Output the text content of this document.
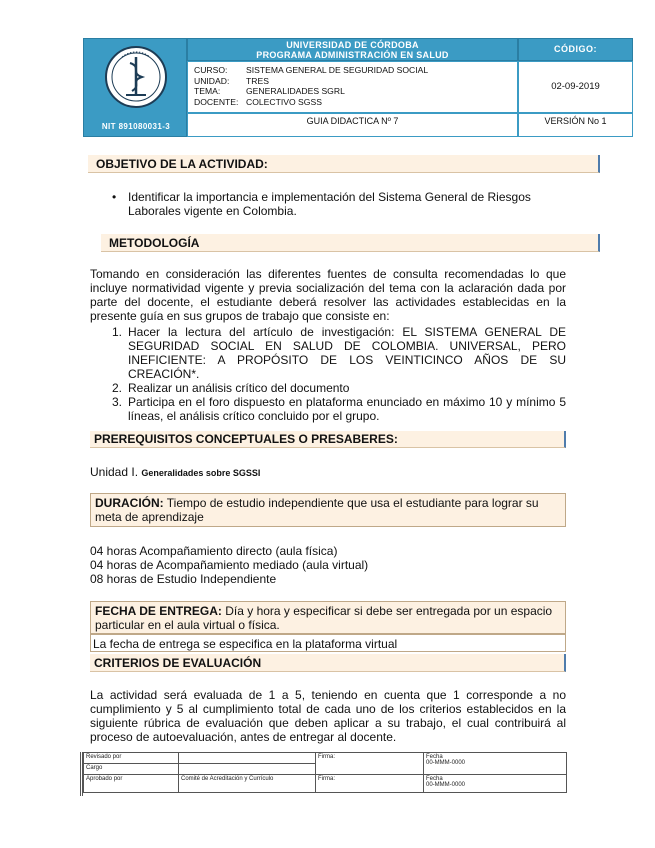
NIT 891080031-3
UNIVERSIDAD DE CÓRDOBA
PROGRAMA ADMINISTRACIÓN EN SALUD
CÓDIGO:
CURSO:	SISTEMA GENERAL DE SEGURIDAD SOCIAL
UNIDAD:	TRES
TEMA:	GENERALIDADES SGRL
DOCENTE: COLECTIVO SGSS
02-09-2019
GUIA DIDACTICA Nº 7	VERSIÓN No 1
OBJETIVO DE LA ACTIVIDAD:
• Identificar la importancia e implementación del Sistema General de Riesgos Laborales vigente en Colombia.
METODOLOGÍA
Tomando en consideración las diferentes fuentes de consulta recomendadas lo que incluye normatividad vigente y previa socialización del tema con la aclaración dada por parte del docente, el estudiante deberá resolver las actividades establecidas en la presente guía en sus grupos de trabajo que consiste en:
1. Hacer la lectura del artículo de investigación: EL SISTEMA GENERAL DE SEGURIDAD SOCIAL EN SALUD DE COLOMBIA. UNIVERSAL, PERO INEFICIENTE: A PROPÓSITO DE LOS VEINTICINCO AÑOS DE SU CREACIÓN*.
2. Realizar un análisis crítico del documento
3. Participa en el foro dispuesto en plataforma enunciado en máximo 10 y mínimo 5 líneas, el análisis crítico concluido por el grupo.
PREREQUISITOS CONCEPTUALES O PRESABERES:
Unidad I. Generalidades sobre SGSSI
DURACIÓN: Tiempo de estudio independiente que usa el estudiante para lograr su meta de aprendizaje
04 horas Acompañamiento directo (aula física)
04 horas de Acompañamiento mediado (aula virtual)
08 horas de Estudio Independiente
FECHA DE ENTREGA: Día y hora y especificar si debe ser entregada por un espacio particular en el aula virtual o física.
La fecha de entrega se especifica en la plataforma virtual
CRITERIOS DE EVALUACIÓN
La actividad será evaluada de 1 a 5, teniendo en cuenta que 1 corresponde a no cumplimiento y 5 al cumplimiento total de cada uno de los criterios establecidos en la siguiente rúbrica de evaluación que deben aplicar a su trabajo, el cual contribuirá al proceso de autoevaluación, antes de entregar al docente.
Revisado por		Firma:	Fecha
00-MMM-0000

Cargo			
Aprobado por	Comité de Acreditación y Currículo	Firma:	Fecha
00-MMM-0000
